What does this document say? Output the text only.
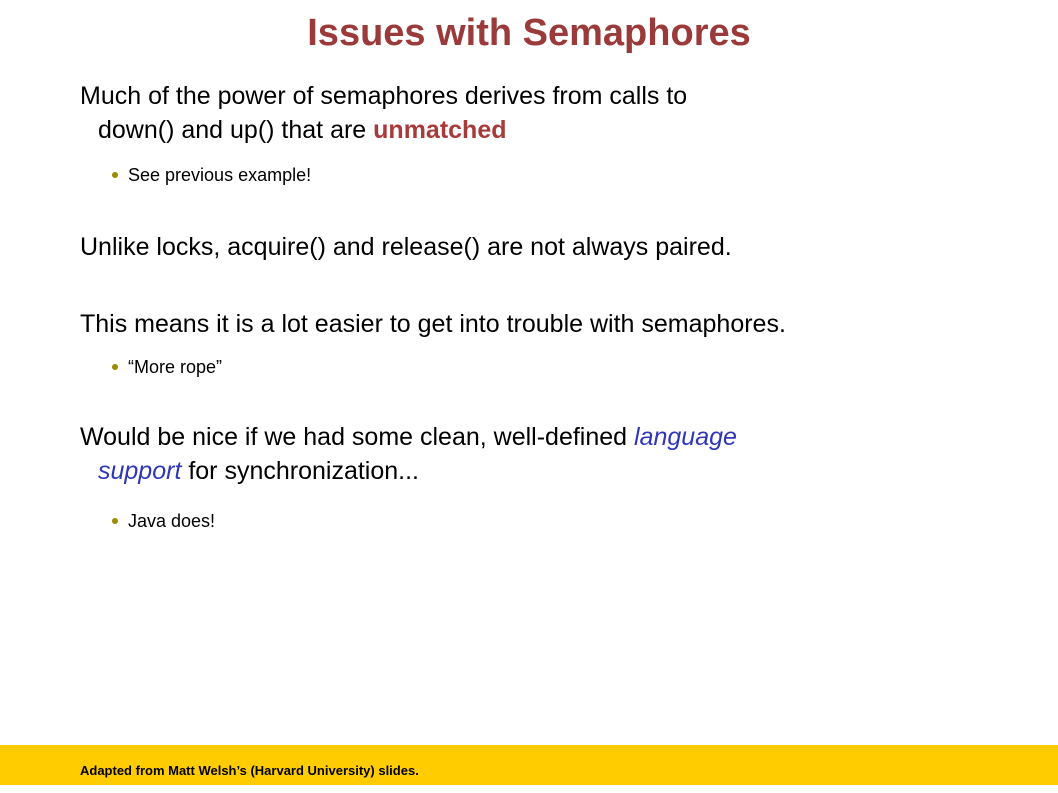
Issues with Semaphores
Much of the power of semaphores derives from calls to
down() and up() that are unmatched
See previous example!
Unlike locks, acquire() and release() are not always paired.
This means it is a lot easier to get into trouble with semaphores.
“More rope”
Would be nice if we had some clean, well-defined language
support for synchronization...
Java does!
Adapted from Matt Welsh’s (Harvard University) slides.
